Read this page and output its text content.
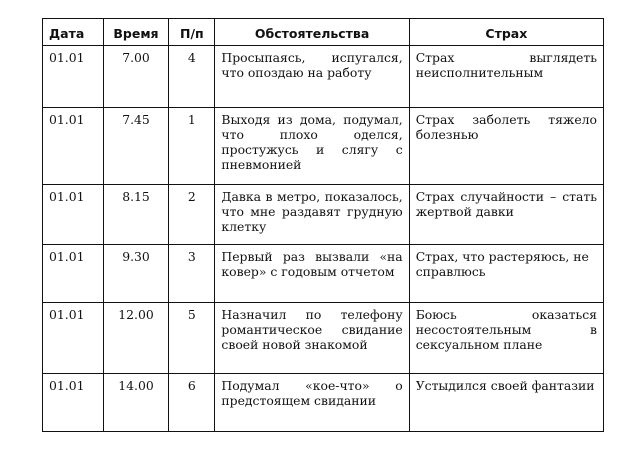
Дата	Время	П/п	Обстоятельства	Страх
01.01	7.00	4	Просыпаясь, испугался, что опоздаю на работу	Страх выглядеть неисполнительным
01.01	7.45	1	Выходя из дома, подумал, что плохо оделся, простужусь и слягу с пневмонией	Страх заболеть тяжело болезнью
01.01	8.15	2	Давка в метро, показалось, что мне раздавят грудную клетку	Страх случайности – стать жертвой давки
01.01	9.30	3	Первый раз вызвали «на ковер» с годовым отчетом	Страх, что растеряюсь, не справлюсь
01.01	12.00	5	Назначил по телефону романтическое свидание своей новой знакомой	Боюсь оказаться несостоятельным в сексуальном плане
01.01	14.00	6	Подумал «кое-что» о предстоящем свидании	Устыдился своей фантазии
